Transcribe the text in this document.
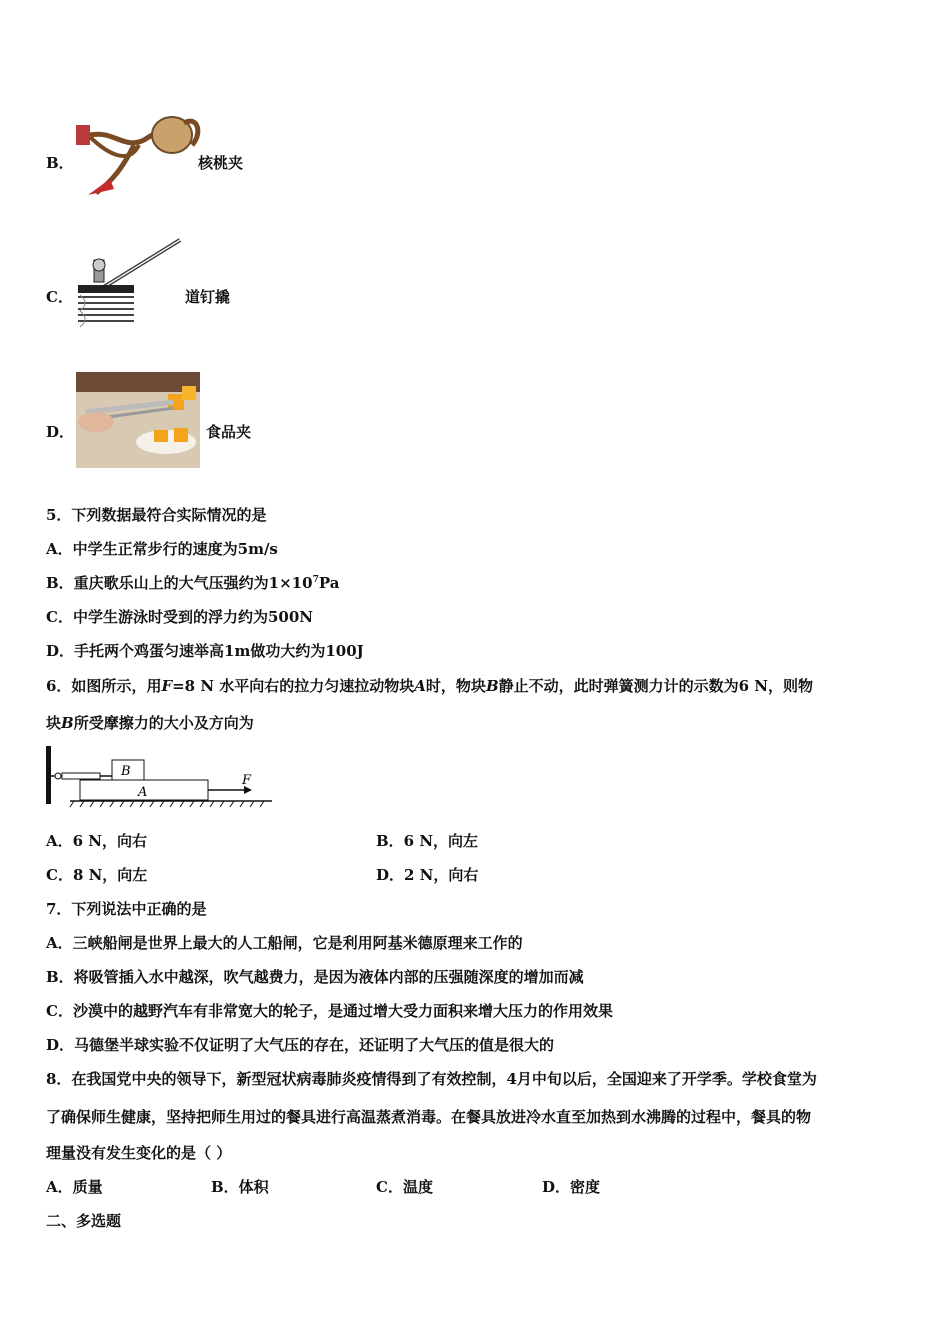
B．	核桃夹
C．	道钉撬
D．	食品夹
5．下列数据最符合实际情况的是
A．中学生正常步行的速度为5m/s
B．重庆歌乐山上的大气压强约为$1\times 10^7Pa$
C．中学生游泳时受到的浮力约为500N
D．手托两个鸡蛋匀速举高1m做功大约为100J
6．如图所示，用F=8 N 水平向右的拉力匀速拉动物块A时，物块B静止不动，此时弹簧测力计的示数为6 N，则物
块B所受摩擦力的大小及方向为
B
A
F
A．6 N，向右	B．6 N，向左
C．8 N，向左	D．2 N，向右
7．下列说法中正确的是
A．三峡船闸是世界上最大的人工船闸，它是利用阿基米德原理来工作的
B．将吸管插入水中越深，吹气越费力，是因为液体内部的压强随深度的增加而减
C．沙漠中的越野汽车有非常宽大的轮子，是通过增大受力面积来增大压力的作用效果
D．马德堡半球实验不仅证明了大气压的存在，还证明了大气压的值是很大的
8．在我国党中央的领导下，新型冠状病毒肺炎疫情得到了有效控制，4月中旬以后，全国迎来了开学季。学校食堂为
了确保师生健康，坚持把师生用过的餐具进行高温蒸煮消毒。在餐具放进冷水直至加热到水沸腾的过程中，餐具的物
理量没有发生变化的是（ ）
A．质量	B．体积	C．温度	D．密度
二、多选题
